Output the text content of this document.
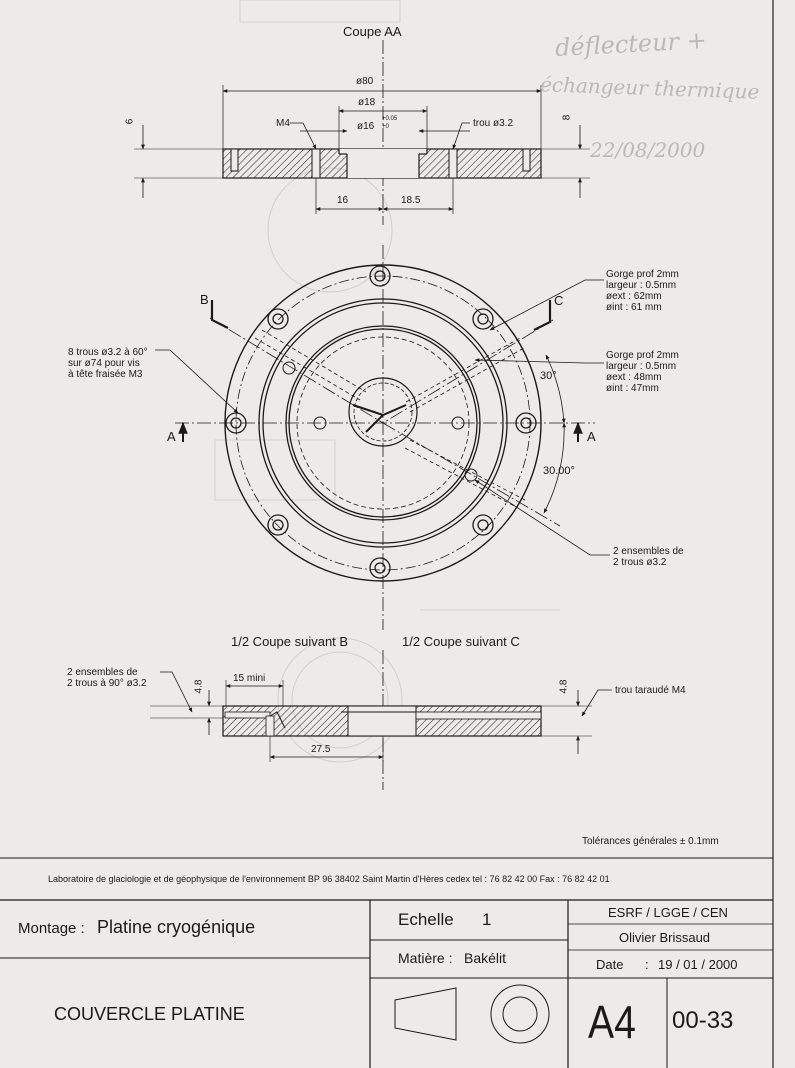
Coupe AA
ø80
ø18
ø16
+0.05
+0
M4	trou ø3.2
6
8
16	18.5
Gorge prof 2mm
largeur : 0.5mm
øext : 62mm
øint : 61 mm
Gorge prof 2mm
largeur : 0.5mm
øext : 48mm
øint : 47mm
8 trous ø3.2 à 60°
sur ø74 pour vis
à tête fraisée M3
2 ensembles de
2 trous ø3.2
30°
30.00°
B	C
A	A
1/2 Coupe suivant B	1/2 Coupe suivant C
2 ensembles de
2 trous à 90° ø3.2	15 mini
4.8	4.8
27.5
trou taraudé M4
Tolérances générales ± 0.1mm
déflecteur +
échangeur thermique
22/08/2000
Laboratoire de glaciologie et de géophysique de l'environnement BP 96 38402 Saint Martin d'Hères cedex tel : 76 82 42 00 Fax : 76 82 42 01
Montage : Platine cryogénique	Echelle 1
Matière : Bakélit
ESRF / LGGE / CEN
Olivier Brissaud
Date : 19 / 01 / 2000
COUVERCLE PLATINE	A4 00-33
